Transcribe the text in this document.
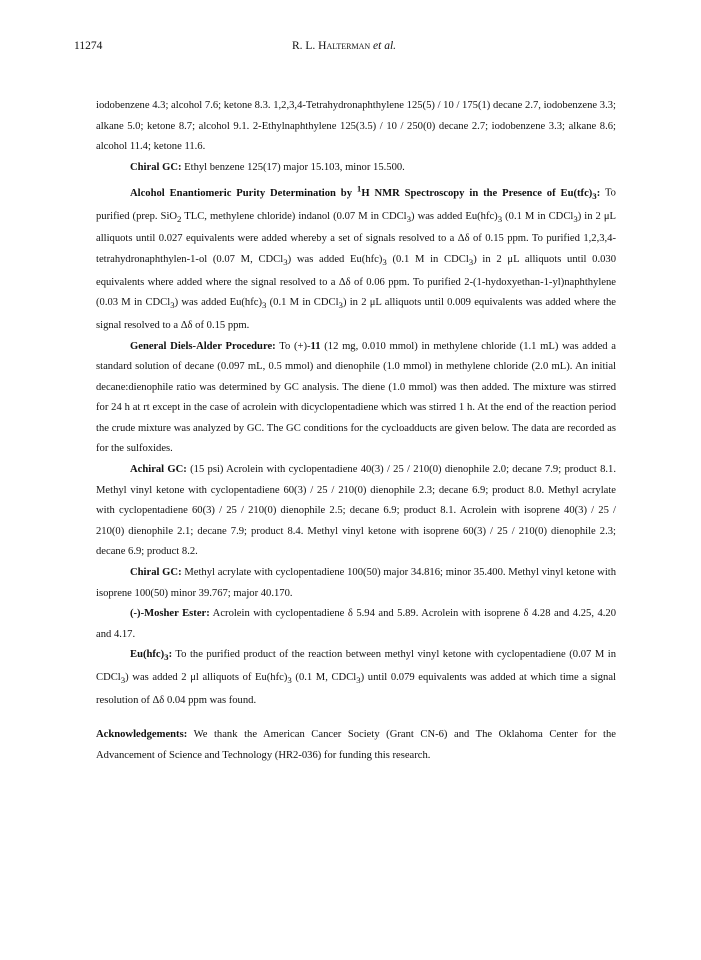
11274	R. L. Halterman et al.

iodobenzene 4.3; alcohol 7.6; ketone 8.3. 1,2,3,4-Tetrahydronaphthylene 125(5) / 10 / 175(1) decane 2.7, iodobenzene 3.3; alkane 5.0; ketone 8.7; alcohol 9.1. 2-Ethylnaphthylene 125(3.5) / 10 / 250(0) decane 2.7; iodobenzene 3.3; alkane 8.6; alcohol 11.4; ketone 11.6.

Chiral GC: Ethyl benzene 125(17) major 15.103, minor 15.500.

Alcohol Enantiomeric Purity Determination by $^1$H NMR Spectroscopy in the Presence of $Eu(tfc)_3$: To purified (prep. SiO$_2$ TLC, methylene chloride) indanol (0.07 M in CDCl$_3$) was added $Eu(hfc)_3$ (0.1 M in CDCl$_3$) in 2 μL alliquots until 0.027 equivalents were added whereby a set of signals resolved to a Δδ of 0.15 ppm. To purified 1,2,3,4-tetrahydronaphthylen-1-ol (0.07 M, CDCl$_3$) was added $Eu(hfc)_3$ (0.1 M in CDCl$_3$) in 2 μL alliquots until 0.030 equivalents where added where the signal resolved to a Δδ of 0.06 ppm. To purified 2-(1-hydoxyethan-1-yl)naphthylene (0.03 M in CDCl$_3$) was added $Eu(hfc)_3$ (0.1 M in CDCl$_3$) in 2 μL alliquots until 0.009 equivalents was added where the signal resolved to a Δδ of 0.15 ppm.

General Diels-Alder Procedure: To (+)-11 (12 mg, 0.010 mmol) in methylene chloride (1.1 mL) was added a standard solution of decane (0.097 mL, 0.5 mmol) and dienophile (1.0 mmol) in methylene chloride (2.0 mL). An initial decane:dienophile ratio was determined by GC analysis. The diene (1.0 mmol) was then added. The mixture was stirred for 24 h at rt except in the case of acrolein with dicyclopentadiene which was stirred 1 h. At the end of the reaction period the crude mixture was analyzed by GC. The GC conditions for the cycloadducts are given below. The data are recorded as for the sulfoxides.

Achiral GC: (15 psi) Acrolein with cyclopentadiene 40(3) / 25 / 210(0) dienophile 2.0; decane 7.9; product 8.1. Methyl vinyl ketone with cyclopentadiene 60(3) / 25 / 210(0) dienophile 2.3; decane 6.9; product 8.0. Methyl acrylate with cyclopentadiene 60(3) / 25 / 210(0) dienophile 2.5; decane 6.9; product 8.1. Acrolein with isoprene 40(3) / 25 / 210(0) dienophile 2.1; decane 7.9; product 8.4. Methyl vinyl ketone with isoprene 60(3) / 25 / 210(0) dienophile 2.3; decane 6.9; product 8.2.

Chiral GC: Methyl acrylate with cyclopentadiene 100(50) major 34.816; minor 35.400. Methyl vinyl ketone with isoprene 100(50) minor 39.767; major 40.170.

(-)-Mosher Ester: Acrolein with cyclopentadiene δ 5.94 and 5.89. Acrolein with isoprene δ 4.28 and 4.25, 4.20 and 4.17.

$Eu(hfc)_3$: To the purified product of the reaction between methyl vinyl ketone with cyclopentadiene (0.07 M in CDCl$_3$) was added 2 μl alliquots of $Eu(hfc)_3$ (0.1 M, CDCl$_3$) until 0.079 equivalents was added at which time a signal resolution of Δδ 0.04 ppm was found.

Acknowledgements: We thank the American Cancer Society (Grant CN-6) and The Oklahoma Center for the Advancement of Science and Technology (HR2-036) for funding this research.
